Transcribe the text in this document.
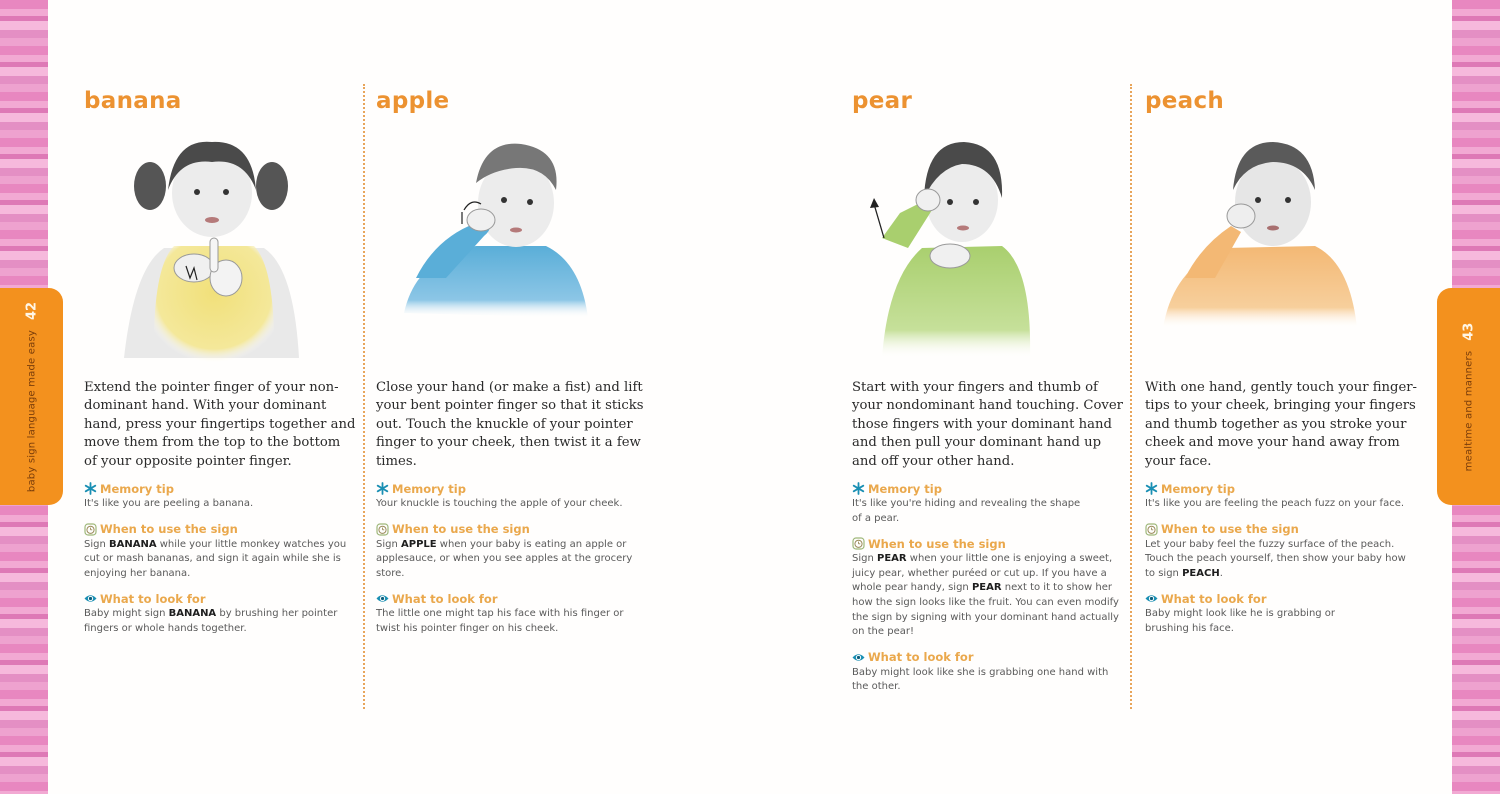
baby sign language made easy
42
mealtime and manners
43
banana
Extend the pointer finger of your non-dominant hand. With your dominant hand, press your fingertips together and move them from the top to the bottom of your opposite pointer finger.
Memory tip
It's like you are peeling a banana.
When to use the sign
Sign BANANA while your little monkey watches you cut or mash bananas, and sign it again while she is enjoying her banana.
What to look for
Baby might sign BANANA by brushing her pointer fingers or whole hands together.
apple
Close your hand (or make a fist) and lift your bent pointer finger so that it sticks out. Touch the knuckle of your pointer finger to your cheek, then twist it a few times.
Memory tip
Your knuckle is touching the apple of your cheek.
When to use the sign
Sign APPLE when your baby is eating an apple or applesauce, or when you see apples at the grocery store.
What to look for
The little one might tap his face with his finger or twist his pointer finger on his cheek.
pear
Start with your fingers and thumb of your nondominant hand touching. Cover those fingers with your dominant hand and then pull your dominant hand up and off your other hand.
Memory tip
It's like you're hiding and revealing the shape of a pear.
When to use the sign
Sign PEAR when your little one is enjoying a sweet, juicy pear, whether puréed or cut up. If you have a whole pear handy, sign PEAR next to it to show her how the sign looks like the fruit. You can even modify the sign by signing with your dominant hand actually on the pear!
What to look for
Baby might look like she is grabbing one hand with the other.
peach
With one hand, gently touch your finger-tips to your cheek, bringing your fingers and thumb together as you stroke your cheek and move your hand away from your face.
Memory tip
It's like you are feeling the peach fuzz on your face.
When to use the sign
Let your baby feel the fuzzy surface of the peach. Touch the peach yourself, then show your baby how to sign PEACH.
What to look for
Baby might look like he is grabbing or brushing his face.
